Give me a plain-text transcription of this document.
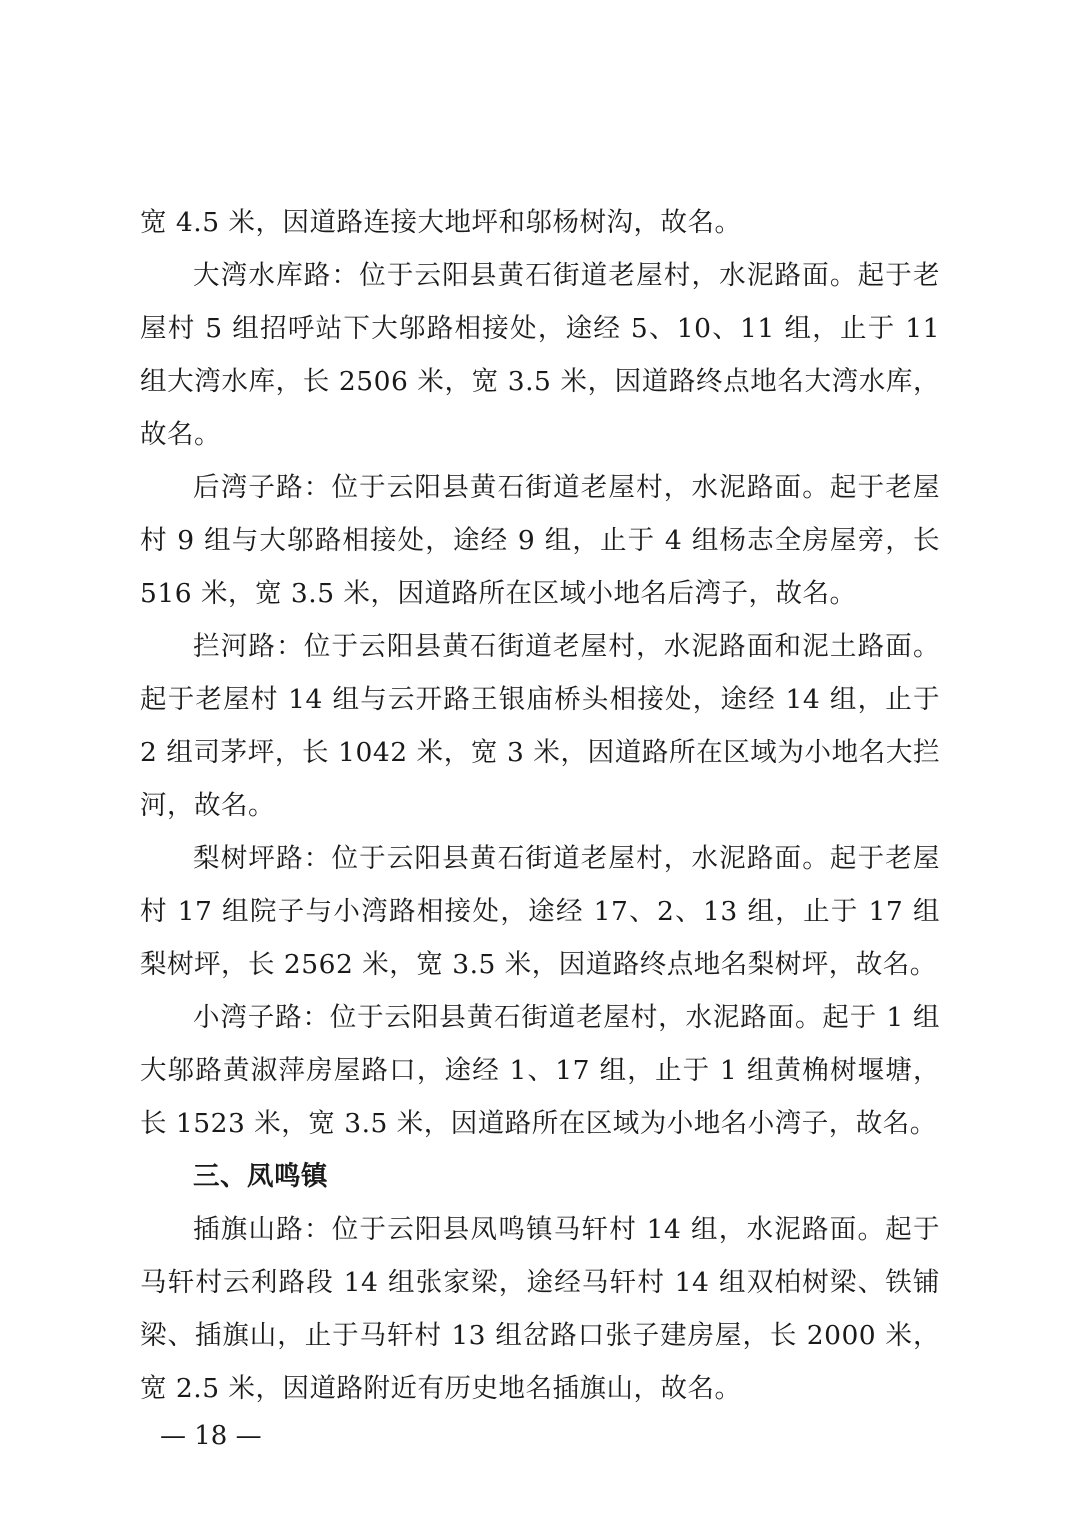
宽 4.5 米，因道路连接大地坪和邬杨树沟，故名。

大湾水库路：位于云阳县黄石街道老屋村，水泥路面。起于老屋村 5 组招呼站下大邬路相接处，途经 5、10、11 组，止于 11 组大湾水库，长 2506 米，宽 3.5 米，因道路终点地名大湾水库，故名。

后湾子路：位于云阳县黄石街道老屋村，水泥路面。起于老屋村 9 组与大邬路相接处，途经 9 组，止于 4 组杨志全房屋旁，长 516 米，宽 3.5 米，因道路所在区域小地名后湾子，故名。

拦河路：位于云阳县黄石街道老屋村，水泥路面和泥土路面。起于老屋村 14 组与云开路王银庙桥头相接处，途经 14 组，止于 2 组司茅坪，长 1042 米，宽 3 米，因道路所在区域为小地名大拦河，故名。

梨树坪路：位于云阳县黄石街道老屋村，水泥路面。起于老屋村 17 组院子与小湾路相接处，途经 17、2、13 组，止于 17 组梨树坪，长 2562 米，宽 3.5 米，因道路终点地名梨树坪，故名。

小湾子路：位于云阳县黄石街道老屋村，水泥路面。起于 1 组大邬路黄淑萍房屋路口，途经 1、17 组，止于 1 组黄桷树堰塘，长 1523 米，宽 3.5 米，因道路所在区域为小地名小湾子，故名。

三、凤鸣镇

插旗山路：位于云阳县凤鸣镇马轩村 14 组，水泥路面。起于马轩村云利路段 14 组张家梁，途经马轩村 14 组双柏树梁、铁铺梁、插旗山，止于马轩村 13 组岔路口张子建房屋，长 2000 米，宽 2.5 米，因道路附近有历史地名插旗山，故名。

— 18 —
